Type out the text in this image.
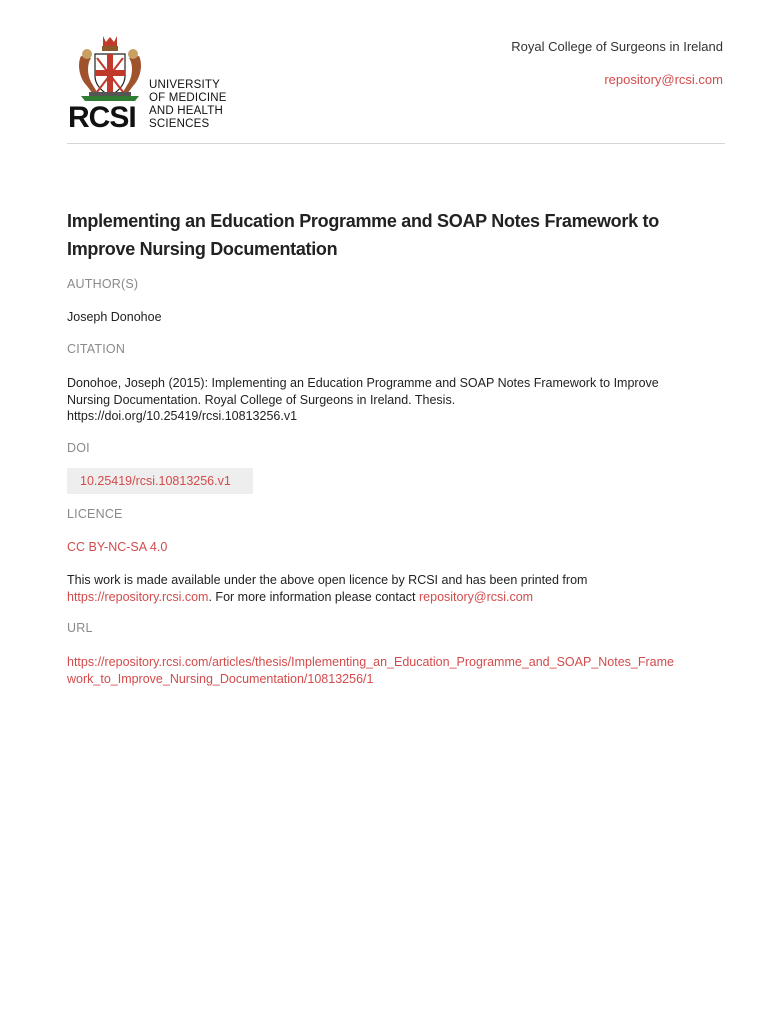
RCSI
UNIVERSITY
OF MEDICINE
AND HEALTH
SCIENCES
Royal College of Surgeons in Ireland
repository@rcsi.com
Implementing an Education Programme and SOAP Notes Framework to
Improve Nursing Documentation
AUTHOR(S)
Joseph Donohoe
CITATION
Donohoe, Joseph (2015): Implementing an Education Programme and SOAP Notes Framework to Improve
Nursing Documentation. Royal College of Surgeons in Ireland. Thesis.
https://doi.org/10.25419/rcsi.10813256.v1
DOI
10.25419/rcsi.10813256.v1
LICENCE
CC BY-NC-SA 4.0
This work is made available under the above open licence by RCSI and has been printed from
https://repository.rcsi.com. For more information please contact repository@rcsi.com
URL
https://repository.rcsi.com/articles/thesis/Implementing_an_Education_Programme_and_SOAP_Notes_Frame
work_to_Improve_Nursing_Documentation/10813256/1
